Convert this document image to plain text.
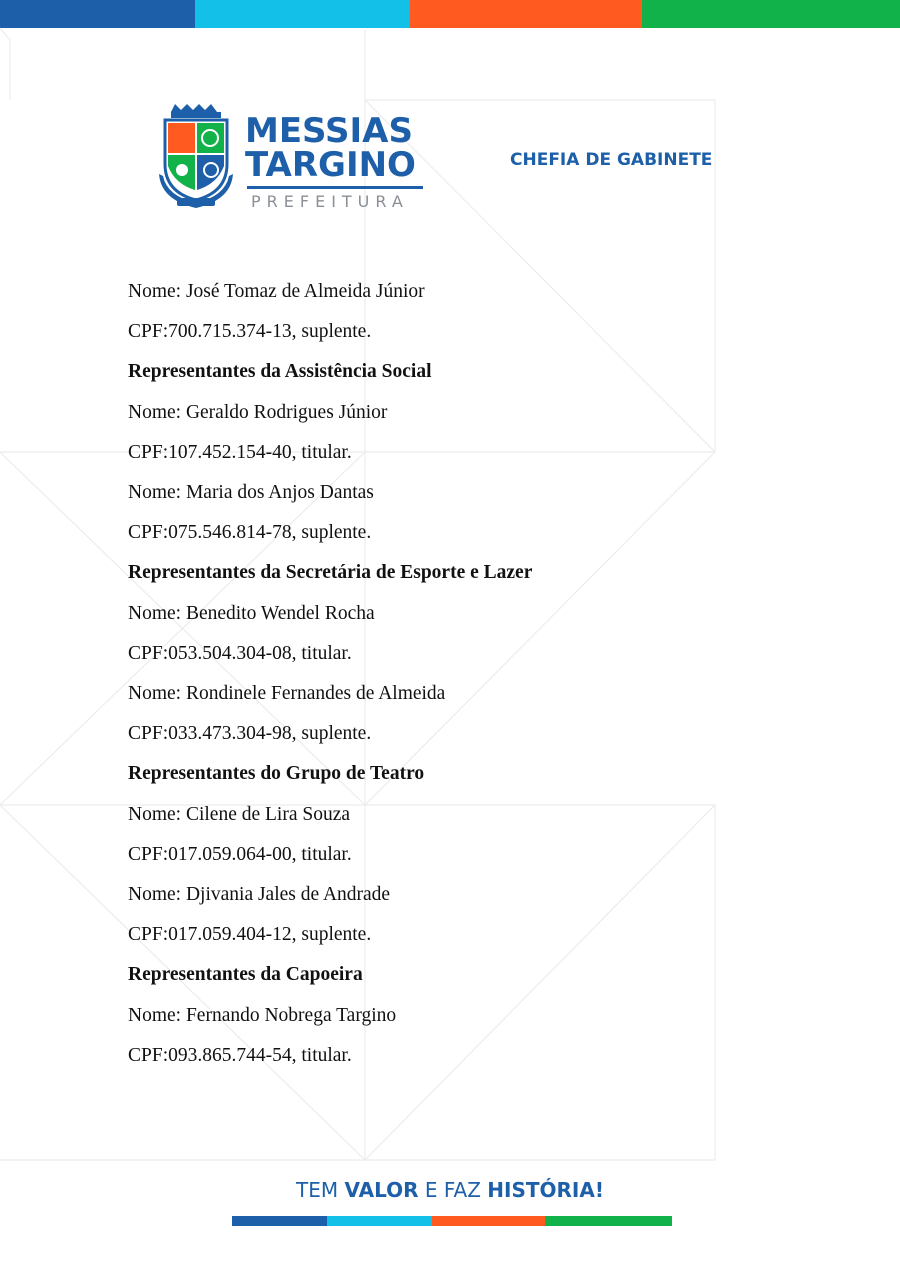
MESSIAS
TARGINO
PREFEITURA
CHEFIA DE GABINETE
Nome: José Tomaz de Almeida Júnior
CPF:700.715.374-13, suplente.
Representantes da Assistência Social
Nome: Geraldo Rodrigues Júnior
CPF:107.452.154-40, titular.
Nome: Maria dos Anjos Dantas
CPF:075.546.814-78, suplente.
Representantes da Secretária de Esporte e Lazer
Nome: Benedito Wendel Rocha
CPF:053.504.304-08, titular.
Nome: Rondinele Fernandes de Almeida
CPF:033.473.304-98, suplente.
Representantes do Grupo de Teatro
Nome: Cilene de Lira Souza
CPF:017.059.064-00, titular.
Nome: Djivania Jales de Andrade
CPF:017.059.404-12, suplente.
Representantes da Capoeira
Nome: Fernando Nobrega Targino
CPF:093.865.744-54, titular.
TEM VALOR E FAZ HISTÓRIA!
